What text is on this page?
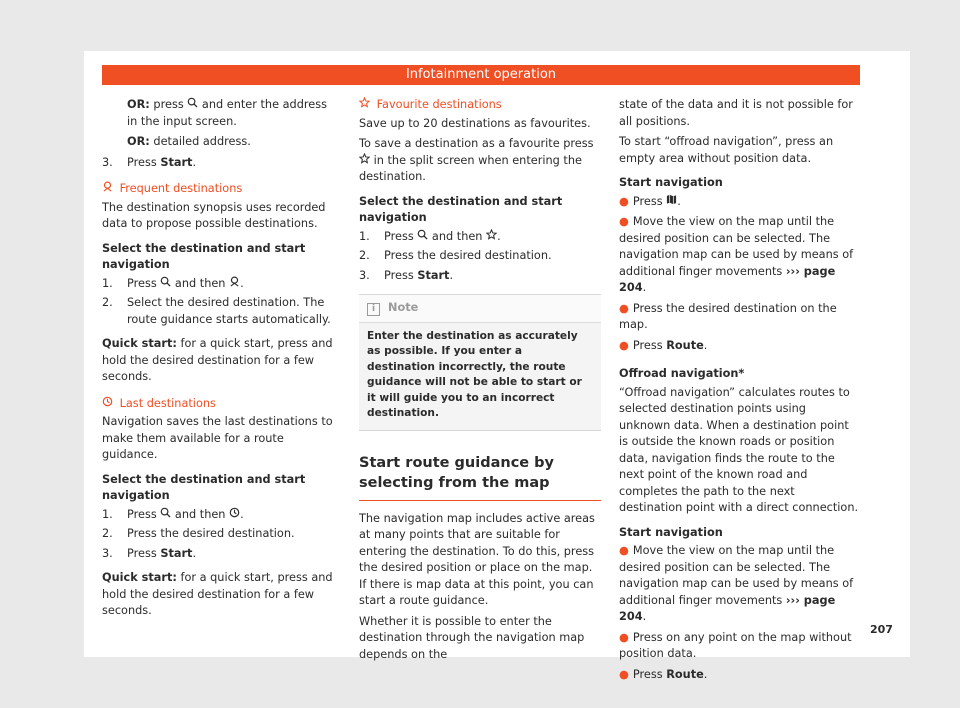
Infotainment operation

OR: press and enter the address in the input screen.

OR: detailed address.

3.	Press Start.

Frequent destinations

The destination synopsis uses recorded data to propose possible destinations.

Select the destination and start navigation

1.	Press and then .
2.	Select the desired destination. The route guidance starts automatically.

Quick start: for a quick start, press and hold the desired destination for a few seconds.

Last destinations

Navigation saves the last destinations to make them available for a route guidance.

Select the destination and start navigation

1.	Press and then .
2.	Press the desired destination.
3.	Press Start.

Quick start: for a quick start, press and hold the desired destination for a few seconds.

Favourite destinations

Save up to 20 destinations as favourites.

To save a destination as a favourite press  in the split screen when entering the destination.

Select the destination and start navigation

1.	Press and then .
2.	Press the desired destination.
3.	Press Start.
i Note
Enter the destination as accurately as possible. If you enter a destination incorrectly, the route guidance will not be able to start or it will guide you to an incorrect destination.
Start route guidance by selecting from the map

The navigation map includes active areas at many points that are suitable for entering the destination. To do this, press the desired position or place on the map. If there is map data at this point, you can start a route guidance.

Whether it is possible to enter the destination through the navigation map depends on the

state of the data and it is not possible for all positions.

To start “offroad navigation”, press an empty area without position data.

Start navigation

● Press .

● Move the view on the map until the desired position can be selected. The navigation map can be used by means of additional finger movements ››› page 204.

● Press the desired destination on the map.

● Press Route.

Offroad navigation*

“Offroad navigation” calculates routes to selected destination points using unknown data. When a destination point is outside the known roads or position data, navigation finds the route to the next point of the known road and completes the path to the next destination point with a direct connection.

Start navigation

● Move the view on the map until the desired position can be selected. The navigation map can be used by means of additional finger movements ››› page 204.

● Press on any point on the map without position data.

● Press Route.

207
